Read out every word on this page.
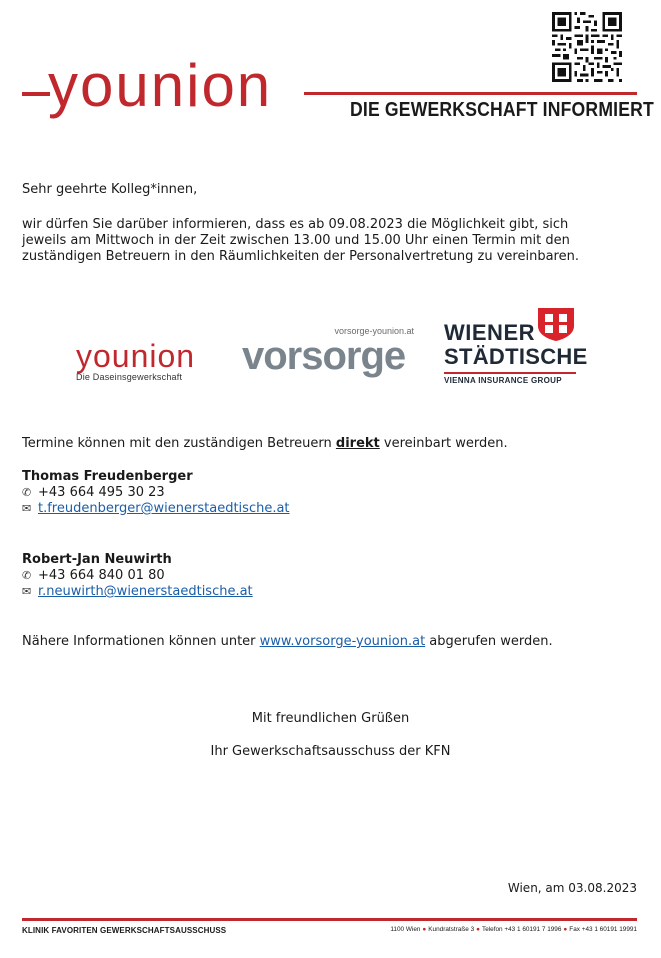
younion	DIE GEWERKSCHAFT INFORMIERT
Sehr geehrte Kolleg*innen,
wir dürfen Sie darüber informieren, dass es ab 09.08.2023 die Möglichkeit gibt, sich
jeweils am Mittwoch in der Zeit zwischen 13.00 und 15.00 Uhr einen Termin mit den
zuständigen Betreuern in den Räumlichkeiten der Personalvertretung zu vereinbaren.
younion
Die Daseinsgewerkschaft
vorsorge-younion.at
vorsorge
WIENER
STÄDTISCHE
VIENNA INSURANCE GROUP
Termine können mit den zuständigen Betreuern direkt vereinbart werden.
Thomas Freudenberger
✆ +43 664 495 30 23
✉ t.freudenberger@wienerstaedtische.at
Robert-Jan Neuwirth
✆ +43 664 840 01 80
✉ r.neuwirth@wienerstaedtische.at
Nähere Informationen können unter www.vorsorge-younion.at abgerufen werden.
Mit freundlichen Grüßen
Ihr Gewerkschaftsausschuss der KFN
Wien, am 03.08.2023
KLINIK FAVORITEN GEWERKSCHAFTSAUSSCHUSS	1100 Wien ● Kundratstraße 3 ● Telefon +43 1 60191 7 1996 ● Fax +43 1 60191 19991
